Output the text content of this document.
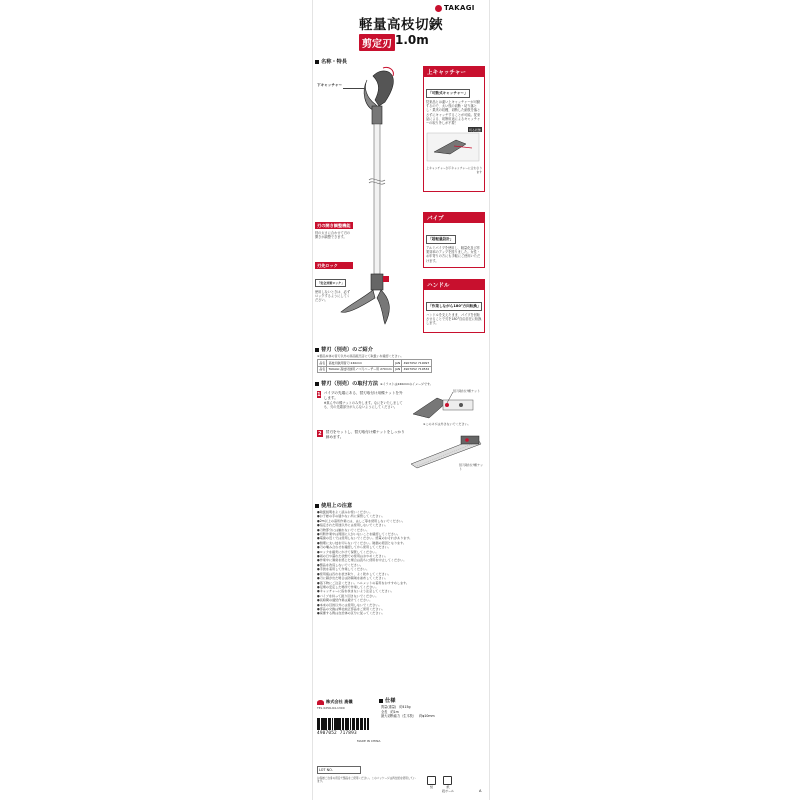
TAKAGI
軽量高枝切鋏
剪定刃 1.0m
名称・特長
下キャッチャー
上キャッチャー
「可動式キャッチャー」
従来品とは違い上キャッチャーが可動するので、太い枝の切断・切り落とし・果実の収穫、切断した細枝を落とさずにキャッチすることが可能。従来品による、切断用途によるキャッチャーの取り外しが不要！
切る状態
上キャッチャーが下キャッチャーに合わさります
パイプ
「超軽量設計」
アルミパイプを使用し、軽量化及び作業効率のアップを図りました。女性・お年寄りの方にも手軽にご使用いただけます。
ハンドル
「作業しながら180°方向転換」
ハンドルを支えたまま、パイプを回転させることで刃を180°自由自在に転換します。
刃の開き調整機能
枝の太さに合わせて刃の開きが調整できます。
刃先ロック
「安全対策ロック」
使用しないときは、必ずロックするようにしてください。
替刃（別売）のご紹介
※製品本体の替刃以外の商品販売店にて取扱いを確認ください。
品名	高枝切鋏用替刃 240mm	JAN	4907052 719097
品名	TAKAGI 高枝切鋏用ノコ刃ユーザー用 270mm	JAN	4907052 719532
替刃（別売）の取付方法 ※イラストは240mmのイメージです。
1 パイプの先端にある、替刃取付け用蝶ナットを外します。
※真ん中の蝶ナットのみ外します。なにをいたしましても、刃の先端部分が入らないようにしてください。
2	替刃をセットし、替刃取付け蝶ナットをしっかり締めます。
替刃取付け蝶ナット
※このネジは外さないでください。
替刃取付け蝶ナット
使用上の注意
●取扱説明をよく読みお使いください。
●お子様の手の届かない所に保管してください。
●2m以上の高所作業には、はしご等を使用しないでください。
●指定された用途以外には使用しないでください。
●刃物部分には触れないでください。
●切断作業中は周囲に人がいないことを確認してください。
●電線の近くでは使用しないでください。感電のおそれがあります。
●無理に太い枝を切らないでください。破損の原因となります。
●刃の噛み合わせを確認してから使用してください。
●ロックを確実にかけて保管してください。
●雨の日や濡れた状態での使用はおやめください。
●作業中に異常を感じた場合は直ちに使用を中止してください。
●製品を改造しないでください。
●手袋を着用して作業してください。
●使用後は汚れを拭き取り、よく乾かしてください。
●刃に錆が出た場合は防錆剤を塗布してください。
●落下物にご注意ください。ヘルメットの着用をおすすめします。
●足場の安定した場所で作業してください。
●キャッチャーに指を挟まないよう注意してください。
●パイプを持って振り回さないでください。
●長時間の連続作業は避けてください。
●本来の目的以外には使用しないでください。
●部品の交換は弊社純正部品をご使用ください。
●廃棄する際は自治体の区分に従ってください。
株式会社 高儀
TEL 0256-64-1300
4907052 717893
MADE IN CHINA
仕様
質量(重量) 約415g
全長 約1m
最大切断能力（生木枝） 約φ10mm
LOT NO.
お客様ご自身の責任で製品をご使用ください。このパッケージは再生紙を使用しています。
紙	紙
段ボール	A
